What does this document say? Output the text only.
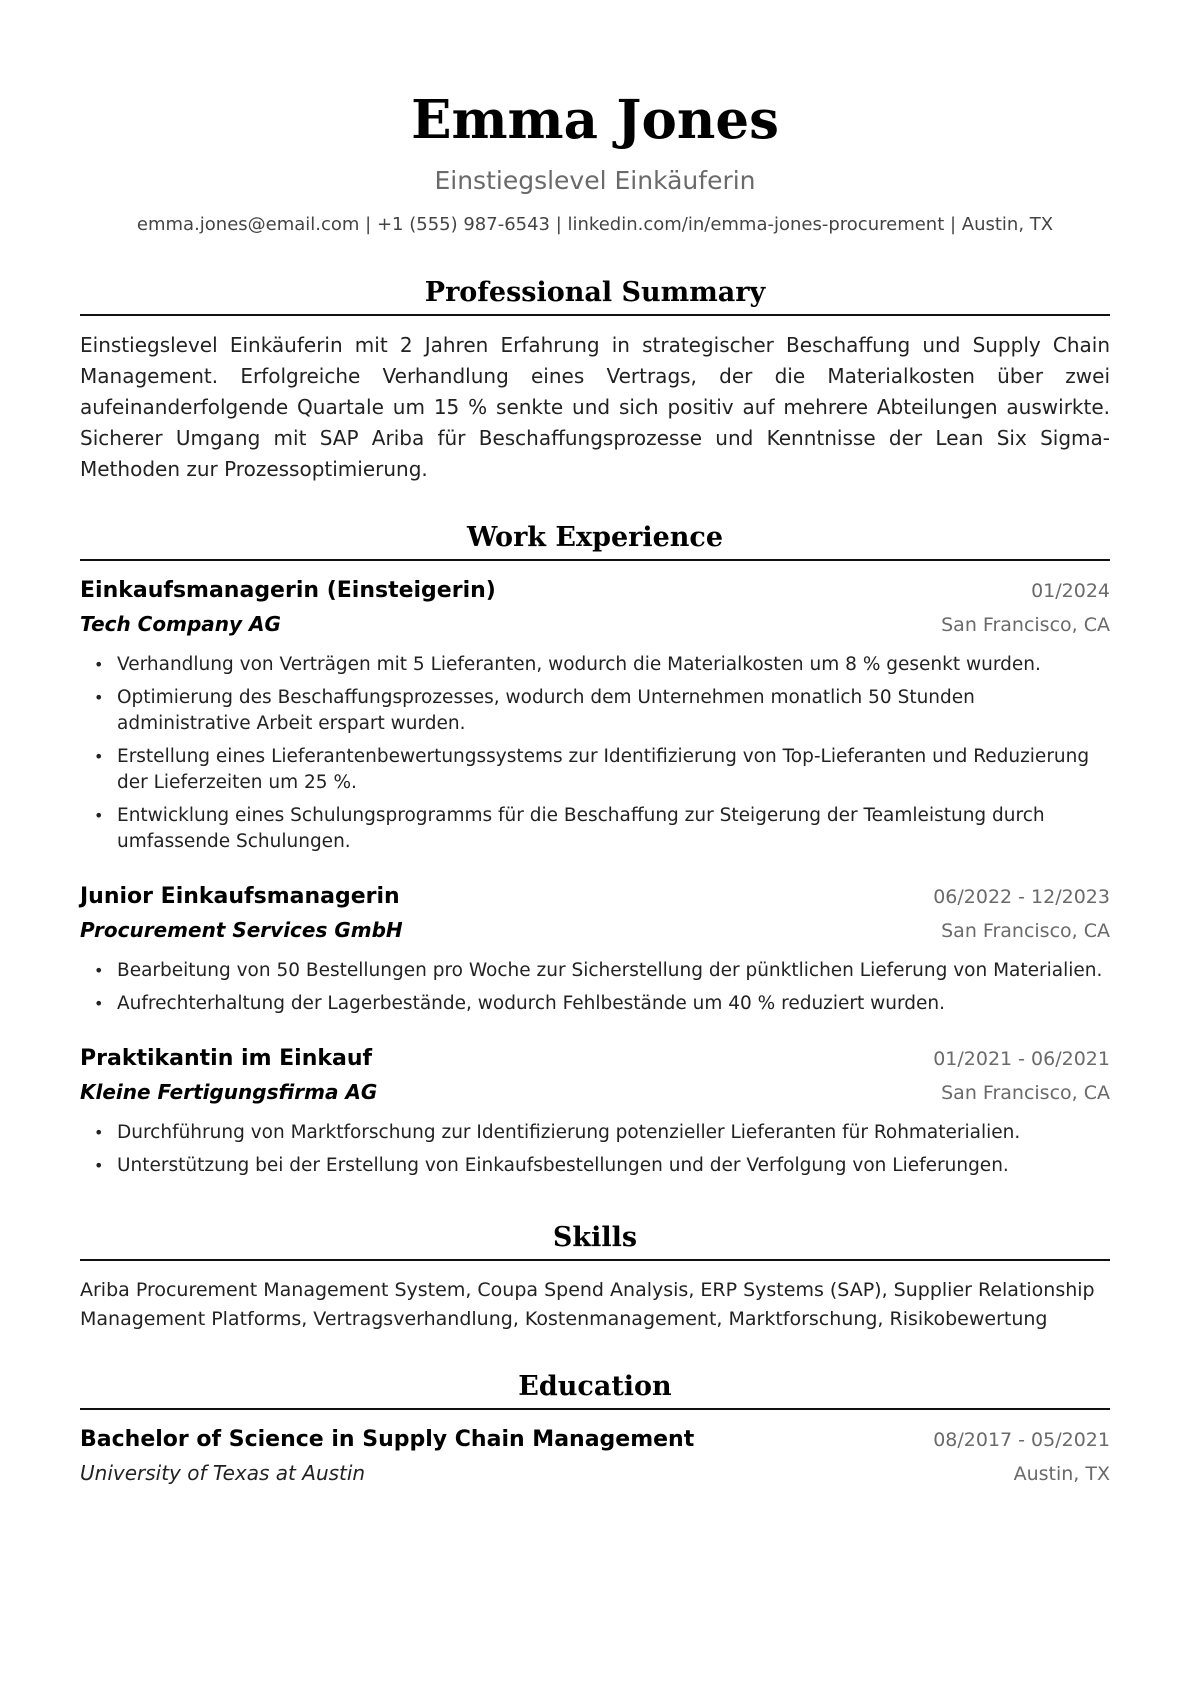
Emma Jones
Einstiegslevel Einkäuferin
emma.jones@email.com | +1 (555) 987-6543 | linkedin.com/in/emma-jones-procurement | Austin, TX
Professional Summary
Einstiegslevel Einkäuferin mit 2 Jahren Erfahrung in strategischer Beschaffung und Supply Chain Management. Erfolgreiche Verhandlung eines Vertrags, der die Materialkosten über zwei aufeinanderfolgende Quartale um 15 % senkte und sich positiv auf mehrere Abteilungen auswirkte. Sicherer Umgang mit SAP Ariba für Beschaffungsprozesse und Kenntnisse der Lean Six Sigma-Methoden zur Prozessoptimierung.
Work Experience
Einkaufsmanagerin (Einsteigerin)	01/2024
Tech Company AG	San Francisco, CA
• Verhandlung von Verträgen mit 5 Lieferanten, wodurch die Materialkosten um 8 % gesenkt wurden.
• Optimierung des Beschaffungsprozesses, wodurch dem Unternehmen monatlich 50 Stunden administrative Arbeit erspart wurden.
• Erstellung eines Lieferantenbewertungssystems zur Identifizierung von Top-Lieferanten und Reduzierung der Lieferzeiten um 25 %.
• Entwicklung eines Schulungsprogramms für die Beschaffung zur Steigerung der Teamleistung durch umfassende Schulungen.
Junior Einkaufsmanagerin	06/2022 - 12/2023
Procurement Services GmbH	San Francisco, CA
• Bearbeitung von 50 Bestellungen pro Woche zur Sicherstellung der pünktlichen Lieferung von Materialien.
• Aufrechterhaltung der Lagerbestände, wodurch Fehlbestände um 40 % reduziert wurden.
Praktikantin im Einkauf	01/2021 - 06/2021
Kleine Fertigungsfirma AG	San Francisco, CA
• Durchführung von Marktforschung zur Identifizierung potenzieller Lieferanten für Rohmaterialien.
• Unterstützung bei der Erstellung von Einkaufsbestellungen und der Verfolgung von Lieferungen.
Skills
Ariba Procurement Management System, Coupa Spend Analysis, ERP Systems (SAP), Supplier Relationship Management Platforms, Vertragsverhandlung, Kostenmanagement, Marktforschung, Risikobewertung
Education
Bachelor of Science in Supply Chain Management	08/2017 - 05/2021
University of Texas at Austin	Austin, TX
